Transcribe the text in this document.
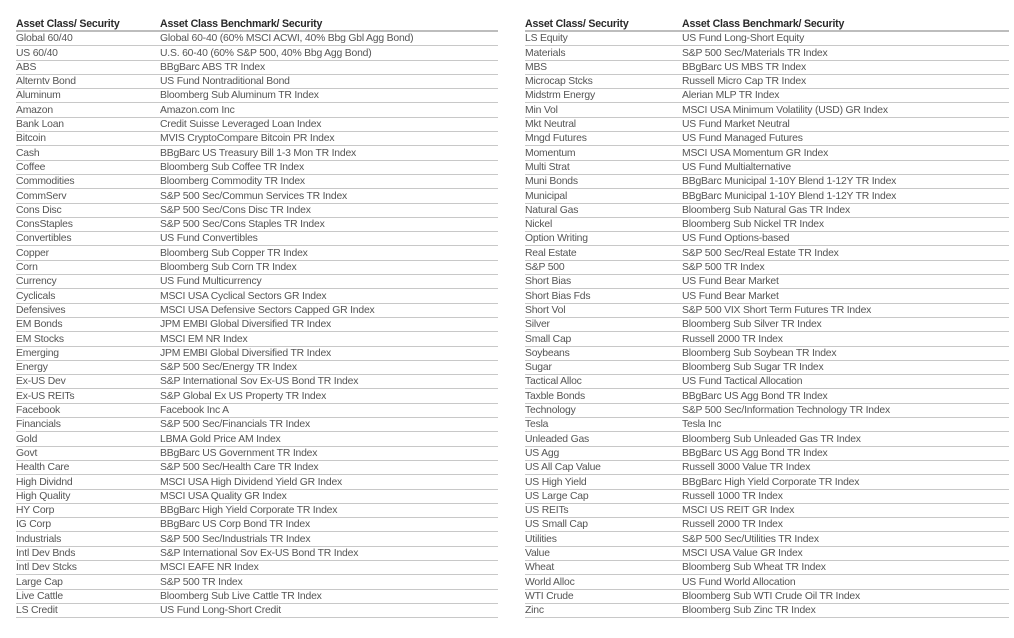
Asset Class/ Security	Asset Class Benchmark/ Security
Global 60/40	Global 60-40 (60% MSCI ACWI, 40% Bbg Gbl Agg Bond)
US 60/40	U.S. 60-40 (60% S&P 500, 40% Bbg Agg Bond)
ABS	BBgBarc ABS TR Index
Alterntv Bond	US Fund Nontraditional Bond
Aluminum	Bloomberg Sub Aluminum TR Index
Amazon	Amazon.com Inc
Bank Loan	Credit Suisse Leveraged Loan Index
Bitcoin	MVIS CryptoCompare Bitcoin PR Index
Cash	BBgBarc US Treasury Bill 1-3 Mon TR Index
Coffee	Bloomberg Sub Coffee TR Index
Commodities	Bloomberg Commodity TR Index
CommServ	S&P 500 Sec/Commun Services TR Index
Cons Disc	S&P 500 Sec/Cons Disc TR Index
ConsStaples	S&P 500 Sec/Cons Staples TR Index
Convertibles	US Fund Convertibles
Copper	Bloomberg Sub Copper TR Index
Corn	Bloomberg Sub Corn TR Index
Currency	US Fund Multicurrency
Cyclicals	MSCI USA Cyclical Sectors GR Index
Defensives	MSCI USA Defensive Sectors Capped GR Index
EM Bonds	JPM EMBI Global Diversified TR Index
EM Stocks	MSCI EM NR Index
Emerging	JPM EMBI Global Diversified TR Index
Energy	S&P 500 Sec/Energy TR Index
Ex-US Dev	S&P International Sov Ex-US Bond TR Index
Ex-US REITs	S&P Global Ex US Property TR Index
Facebook	Facebook Inc A
Financials	S&P 500 Sec/Financials TR Index
Gold	LBMA Gold Price AM Index
Govt	BBgBarc US Government TR Index
Health Care	S&P 500 Sec/Health Care TR Index
High Dividnd	MSCI USA High Dividend Yield GR Index
High Quality	MSCI USA Quality GR Index
HY Corp	BBgBarc High Yield Corporate TR Index
IG Corp	BBgBarc US Corp Bond TR Index
Industrials	S&P 500 Sec/Industrials TR Index
Intl Dev Bnds	S&P International Sov Ex-US Bond TR Index
Intl Dev Stcks	MSCI EAFE NR Index
Large Cap	S&P 500 TR Index
Live Cattle	Bloomberg Sub Live Cattle TR Index
LS Credit	US Fund Long-Short Credit
Asset Class/ Security	Asset Class Benchmark/ Security
LS Equity	US Fund Long-Short Equity
Materials	S&P 500 Sec/Materials TR Index
MBS	BBgBarc US MBS TR Index
Microcap Stcks	Russell Micro Cap TR Index
Midstrm Energy	Alerian MLP TR Index
Min Vol	MSCI USA Minimum Volatility (USD) GR Index
Mkt Neutral	US Fund Market Neutral
Mngd Futures	US Fund Managed Futures
Momentum	MSCI USA Momentum GR Index
Multi Strat	US Fund Multialternative
Muni Bonds	BBgBarc Municipal 1-10Y Blend 1-12Y TR Index
Municipal	BBgBarc Municipal 1-10Y Blend 1-12Y TR Index
Natural Gas	Bloomberg Sub Natural Gas TR Index
Nickel	Bloomberg Sub Nickel TR Index
Option Writing	US Fund Options-based
Real Estate	S&P 500 Sec/Real Estate TR Index
S&P 500	S&P 500 TR Index
Short Bias	US Fund Bear Market
Short Bias Fds	US Fund Bear Market
Short Vol	S&P 500 VIX Short Term Futures TR Index
Silver	Bloomberg Sub Silver TR Index
Small Cap	Russell 2000 TR Index
Soybeans	Bloomberg Sub Soybean TR Index
Sugar	Bloomberg Sub Sugar TR Index
Tactical Alloc	US Fund Tactical Allocation
Taxble Bonds	BBgBarc US Agg Bond TR Index
Technology	S&P 500 Sec/Information Technology TR Index
Tesla	Tesla Inc
Unleaded Gas	Bloomberg Sub Unleaded Gas TR Index
US Agg	BBgBarc US Agg Bond TR Index
US All Cap Value	Russell 3000 Value TR Index
US High Yield	BBgBarc High Yield Corporate TR Index
US Large Cap	Russell 1000 TR Index
US REITs	MSCI US REIT GR Index
US Small Cap	Russell 2000 TR Index
Utilities	S&P 500 Sec/Utilities TR Index
Value	MSCI USA Value GR Index
Wheat	Bloomberg Sub Wheat TR Index
World Alloc	US Fund World Allocation
WTI Crude	Bloomberg Sub WTI Crude Oil TR Index
Zinc	Bloomberg Sub Zinc TR Index
